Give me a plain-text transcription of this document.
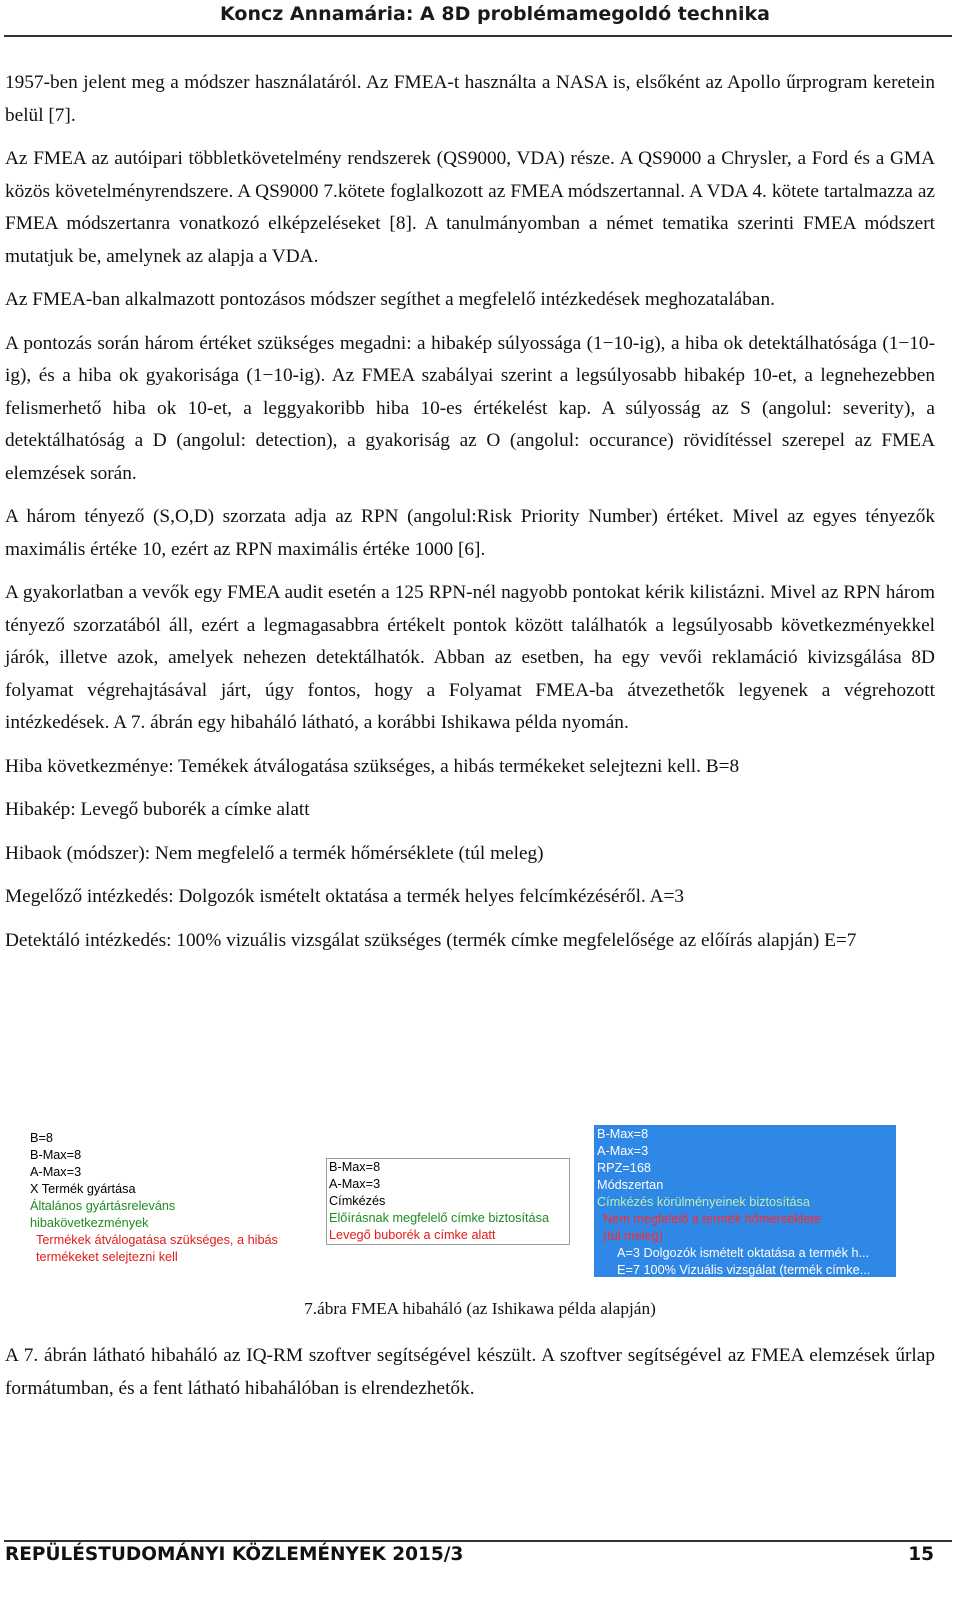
Koncz Annamária: A 8D problémamegoldó technika

1957-ben jelent meg a módszer használatáról. Az FMEA-t használta a NASA is, elsőként az Apollo űrprogram keretein belül [7].

Az FMEA az autóipari többletkövetelmény rendszerek (QS9000, VDA) része. A QS9000 a Chrysler, a Ford és a GMA közös követelményrendszere. A QS9000 7.kötete foglalkozott az FMEA módszertannal. A VDA 4. kötete tartalmazza az FMEA módszertanra vonatkozó elképzeléseket [8]. A tanulmányomban a német tematika szerinti FMEA módszert mutatjuk be, amelynek az alapja a VDA.

Az FMEA-ban alkalmazott pontozásos módszer segíthet a megfelelő intézkedések meghozatalában.

A pontozás során három értéket szükséges megadni: a hibakép súlyossága (1−10-ig), a hiba ok detektálhatósága (1−10-ig), és a hiba ok gyakorisága (1−10-ig). Az FMEA szabályai szerint a legsúlyosabb hibakép 10-et, a legnehezebben felismerhető hiba ok 10-et, a leggyakoribb hiba 10-es értékelést kap. A súlyosság az S (angolul: severity), a detektálhatóság a D (angolul: detection), a gyakoriság az O (angolul: occurance) rövidítéssel szerepel az FMEA elemzések során.

A három tényező (S,O,D) szorzata adja az RPN (angolul:Risk Priority Number) értéket. Mivel az egyes tényezők maximális értéke 10, ezért az RPN maximális értéke 1000 [6].

A gyakorlatban a vevők egy FMEA audit esetén a 125 RPN-nél nagyobb pontokat kérik kilistázni. Mivel az RPN három tényező szorzatából áll, ezért a legmagasabbra értékelt pontok között találhatók a legsúlyosabb következményekkel járók, illetve azok, amelyek nehezen detektálhatók. Abban az esetben, ha egy vevői reklamáció kivizsgálása 8D folyamat végrehajtásával járt, úgy fontos, hogy a Folyamat FMEA-ba átvezethetők legyenek a végrehozott intézkedések. A 7. ábrán egy hibaháló látható, a korábbi Ishikawa példa nyomán.

Hiba következménye: Temékek átválogatása szükséges, a hibás termékeket selejtezni kell. B=8

Hibakép: Levegő buborék a címke alatt

Hibaok (módszer): Nem megfelelő a termék hőmérséklete (túl meleg)

Megelőző intézkedés: Dolgozók ismételt oktatása a termék helyes felcímkézéséről. A=3

Detektáló intézkedés: 100% vizuális vizsgálat szükséges (termék címke megfelelősége az előírás alapján) E=7

B=8
B-Max=8
A-Max=3
X Termék gyártása
Általános gyártásreleváns
hibakövetkezmények
Termékek átválogatása szükséges, a hibás
termékeket selejtezni kell
B-Max=8
A-Max=3
Címkézés
Előírásnak megfelelő címke biztosítása
Levegő buborék a címke alatt
B-Max=8
A-Max=3
RPZ=168
Módszertan
Címkézés körülményeinek biztosítása
Nem megfelelő a termék hőmérséklete
(túl meleg)
A=3 Dolgozók ismételt oktatása a termék h...
E=7 100% Vizuális vizsgálat (termék címke...
7.ábra FMEA hibaháló (az Ishikawa példa alapján)
A 7. ábrán látható hibaháló az IQ-RM szoftver segítségével készült. A szoftver segítségével az FMEA elemzések űrlap formátumban, és a fent látható hibahálóban is elrendezhetők.
REPÜLÉSTUDOMÁNYI KÖZLEMÉNYEK 2015/3	15
